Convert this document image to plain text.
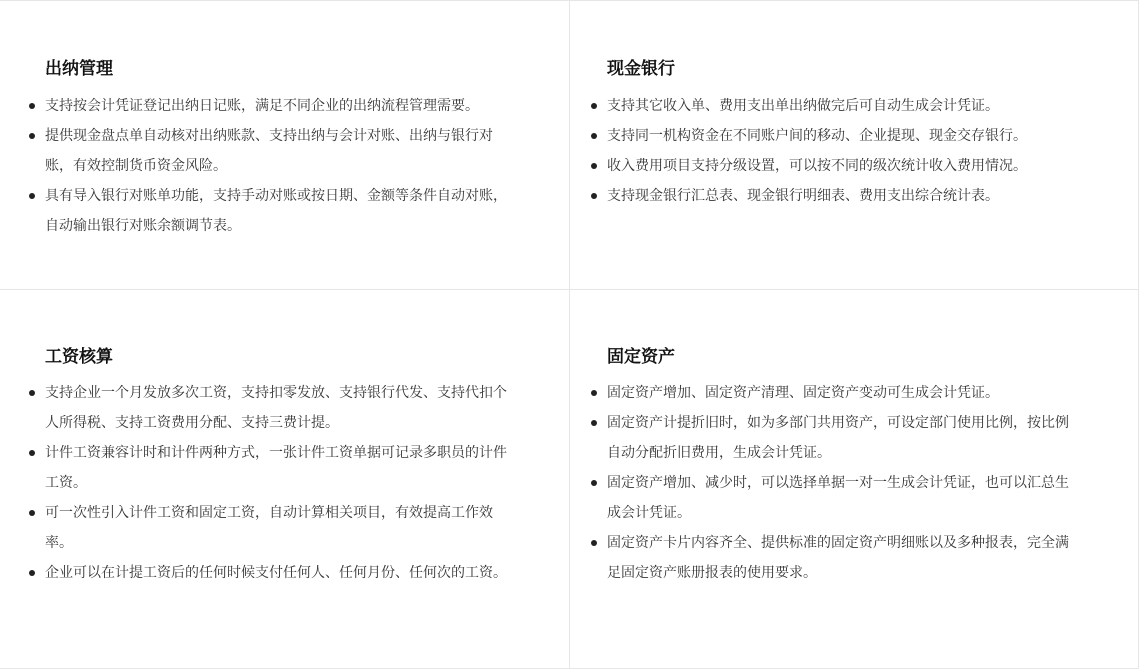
出纳管理
支持按会计凭证登记出纳日记账，满足不同企业的出纳流程管理需要。
提供现金盘点单自动核对出纳账款、支持出纳与会计对账、出纳与银行对账，有效控制货币资金风险。
具有导入银行对账单功能，支持手动对账或按日期、金额等条件自动对账，自动输出银行对账余额调节表。
现金银行
支持其它收入单、费用支出单出纳做完后可自动生成会计凭证。
支持同一机构资金在不同账户间的移动、企业提现、现金交存银行。
收入费用项目支持分级设置，可以按不同的级次统计收入费用情况。
支持现金银行汇总表、现金银行明细表、费用支出综合统计表。
工资核算
支持企业一个月发放多次工资，支持扣零发放、支持银行代发、支持代扣个人所得税、支持工资费用分配、支持三费计提。
计件工资兼容计时和计件两种方式，一张计件工资单据可记录多职员的计件工资。
可一次性引入计件工资和固定工资，自动计算相关项目，有效提高工作效率。
企业可以在计提工资后的任何时候支付任何人、任何月份、任何次的工资。
固定资产
固定资产增加、固定资产清理、固定资产变动可生成会计凭证。
固定资产计提折旧时，如为多部门共用资产，可设定部门使用比例，按比例自动分配折旧费用，生成会计凭证。
固定资产增加、减少时，可以选择单据一对一生成会计凭证，也可以汇总生成会计凭证。
固定资产卡片内容齐全、提供标准的固定资产明细账以及多种报表，完全满足固定资产账册报表的使用要求。
